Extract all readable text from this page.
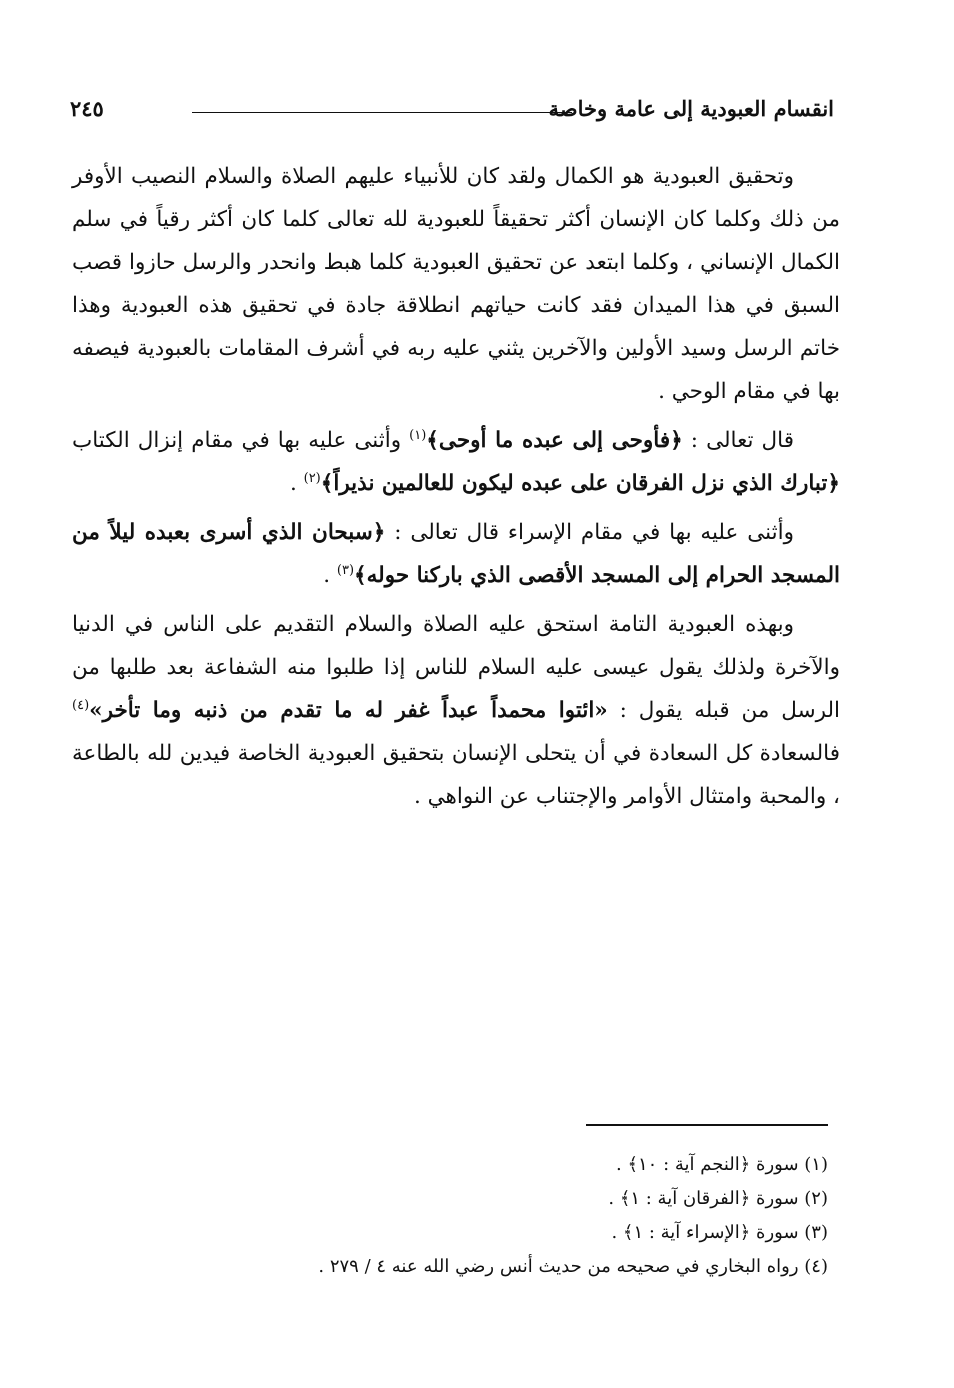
انقسام العبودية إلى عامة وخاصة
٢٤٥

وتحقيق العبودية هو الكمال ولقد كان للأنبياء عليهم الصلاة والسلام النصيب الأوفر من ذلك وكلما كان الإنسان أكثر تحقيقاً للعبودية لله تعالى كلما كان أكثر رقياً في سلم الكمال الإنساني ، وكلما ابتعد عن تحقيق العبودية كلما هبط وانحدر والرسل حازوا قصب السبق في هذا الميدان فقد كانت حياتهم انطلاقة جادة في تحقيق هذه العبودية وهذا خاتم الرسل وسيد الأولين والآخرين يثني عليه ربه في أشرف المقامات بالعبودية فيصفه بها في مقام الوحي .

قال تعالى : ﴿فأوحى إلى عبده ما أوحى﴾$^{(١)}$ وأثنى عليه بها في مقام إنزال الكتاب ﴿تبارك الذي نزل الفرقان على عبده ليكون للعالمين نذيراً﴾$^{(٢)}$ .

وأثنى عليه بها في مقام الإسراء قال تعالى : ﴿سبحان الذي أسرى بعبده ليلاً من المسجد الحرام إلى المسجد الأقصى الذي باركنا حوله﴾$^{(٣)}$ .

وبهذه العبودية التامة استحق عليه الصلاة والسلام التقديم على الناس في الدنيا والآخرة ولذلك يقول عيسى عليه السلام للناس إذا طلبوا منه الشفاعة بعد طلبها من الرسل من قبله يقول : «ائتوا محمداً عبداً غفر له ما تقدم من ذنبه وما تأخر»$^{(٤)}$ فالسعادة كل السعادة في أن يتحلى الإنسان بتحقيق العبودية الخاصة فيدين لله بالطاعة ، والمحبة وامتثال الأوامر والإجتناب عن النواهي .

(١) سورة ﴿النجم آية : ١٠﴾ .

(٢) سورة ﴿الفرقان آية : ١﴾ .

(٣) سورة ﴿الإسراء آية : ١﴾ .

(٤) رواه البخاري في صحيحه من حديث أنس رضي الله عنه ٤ / ٢٧٩ .
